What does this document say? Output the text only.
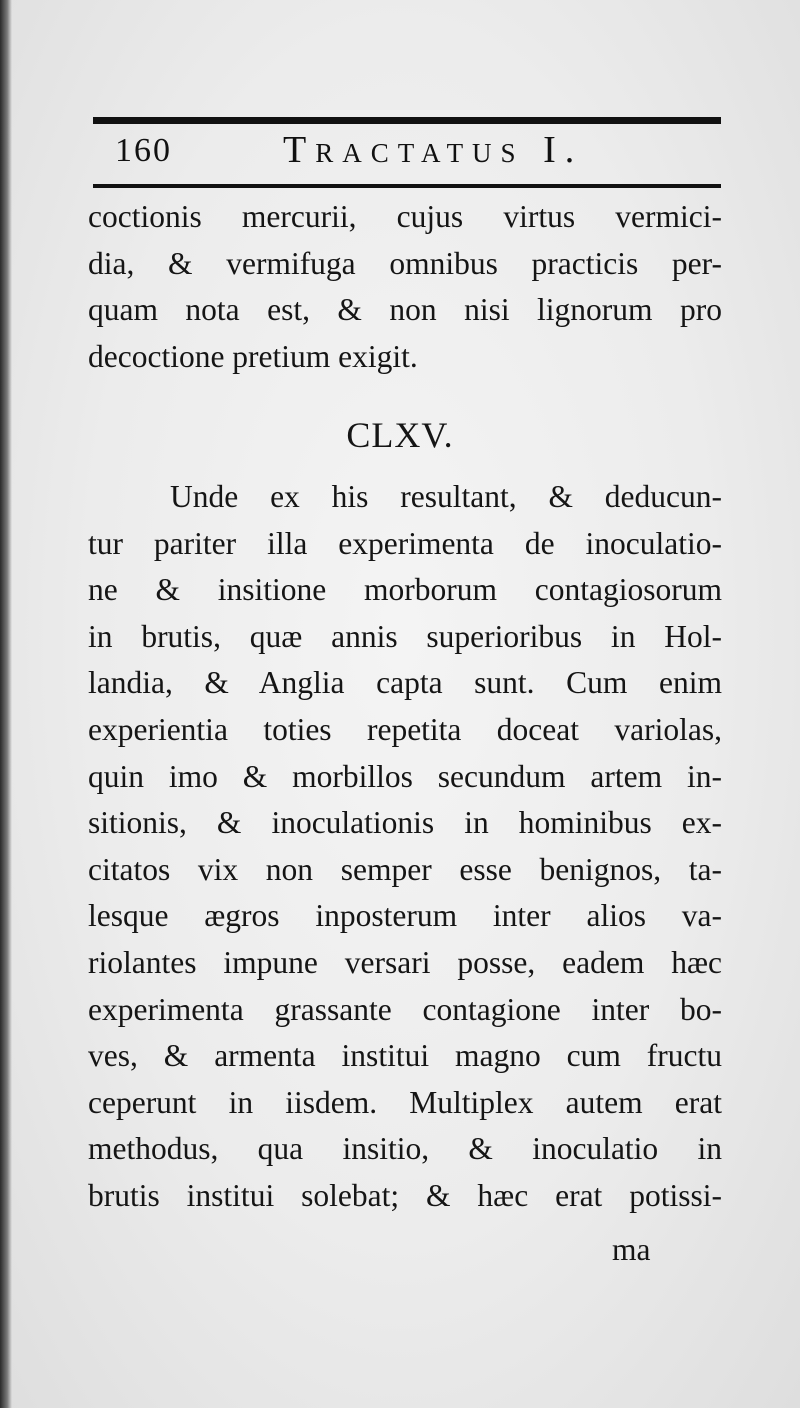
160	Tractatus I.
coctionis mercurii, cujus virtus vermici-
dia, & vermifuga omnibus practicis per-
quam nota est, & non nisi lignorum pro
decoctione pretium exigit.
CLXV.
Unde ex his resultant, & deducun-
tur pariter illa experimenta de inoculatio-
ne & insitione morborum contagiosorum
in brutis, quæ annis superioribus in Hol-
landia, & Anglia capta sunt. Cum enim
experientia toties repetita doceat variolas,
quin imo & morbillos secundum artem in-
sitionis, & inoculationis in hominibus ex-
citatos vix non semper esse benignos, ta-
lesque ægros inposterum inter alios va-
riolantes impune versari posse, eadem hæc
experimenta grassante contagione inter bo-
ves, & armenta institui magno cum fructu
ceperunt in iisdem. Multiplex autem erat
methodus, qua insitio, & inoculatio in
brutis institui solebat; & hæc erat potissi-
ma
